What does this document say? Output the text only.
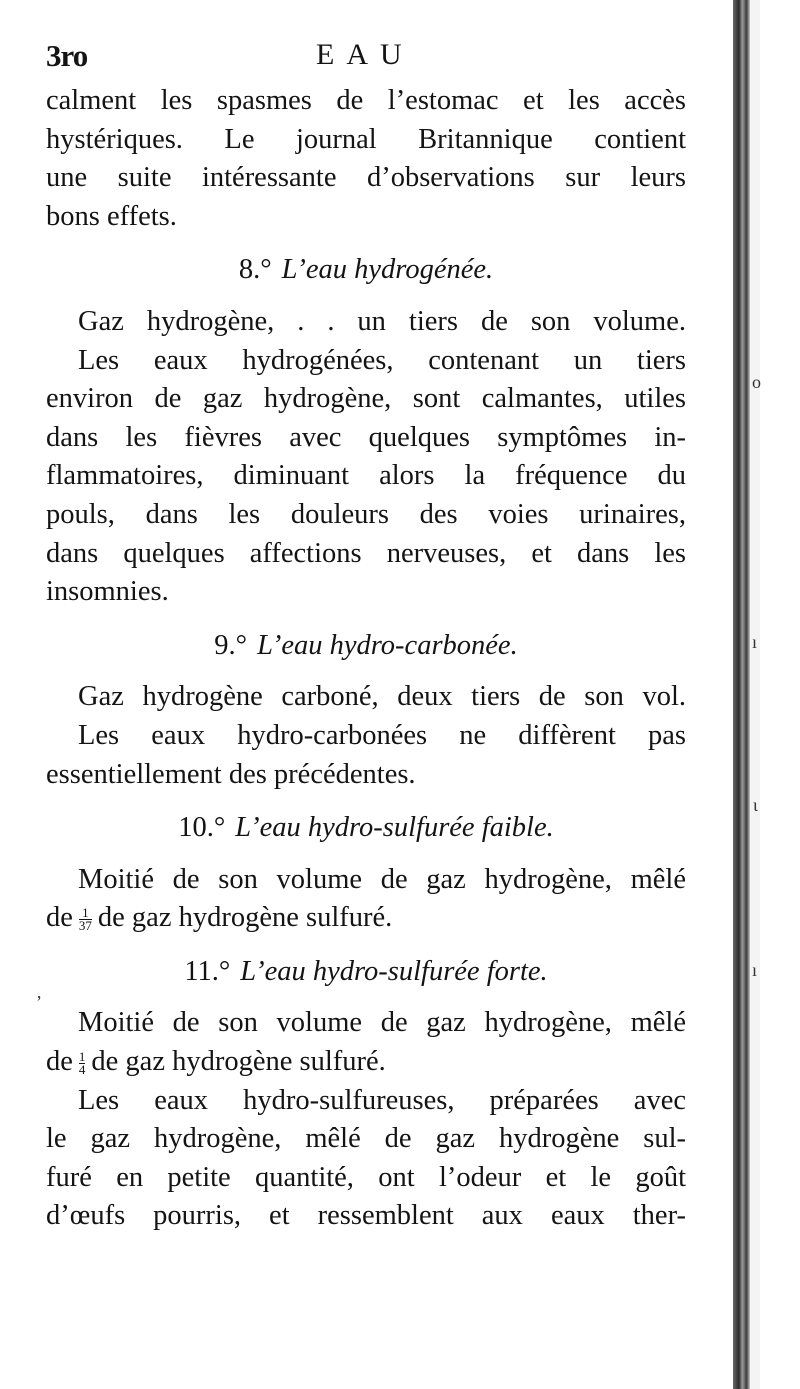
3ro	EAU
calment les spasmes de l’estomac et les accès
hystériques. Le journal Britannique contient
une suite intéressante d’observations sur leurs
bons effets.
8.° L’eau hydrogénée.
Gaz hydrogène, . . un tiers de son volume.
Les eaux hydrogénées, contenant un tiers
environ de gaz hydrogène, sont calmantes, utiles
dans les fièvres avec quelques symptômes in-
flammatoires, diminuant alors la fréquence du
pouls, dans les douleurs des voies urinaires,
dans quelques affections nerveuses, et dans les
insomnies.
9.° L’eau hydro-carbonée.
Gaz hydrogène carboné, deux tiers de son vol.
Les eaux hydro-carbonées ne diffèrent pas
essentiellement des précédentes.
10.° L’eau hydro-sulfurée faible.
Moitié de son volume de gaz hydrogène, mêlé
de $\frac{1}{37}$ de gaz hydrogène sulfuré.
11.° L’eau hydro-sulfurée forte.
Moitié de son volume de gaz hydrogène, mêlé
de $\frac{1}{4}$ de gaz hydrogène sulfuré.
Les eaux hydro-sulfureuses, préparées avec
le gaz hydrogène, mêlé de gaz hydrogène sul-
furé en petite quantité, ont l’odeur et le goût
d’œufs pourris, et ressemblent aux eaux ther-
ο
ı
ι
ı
ʼ
